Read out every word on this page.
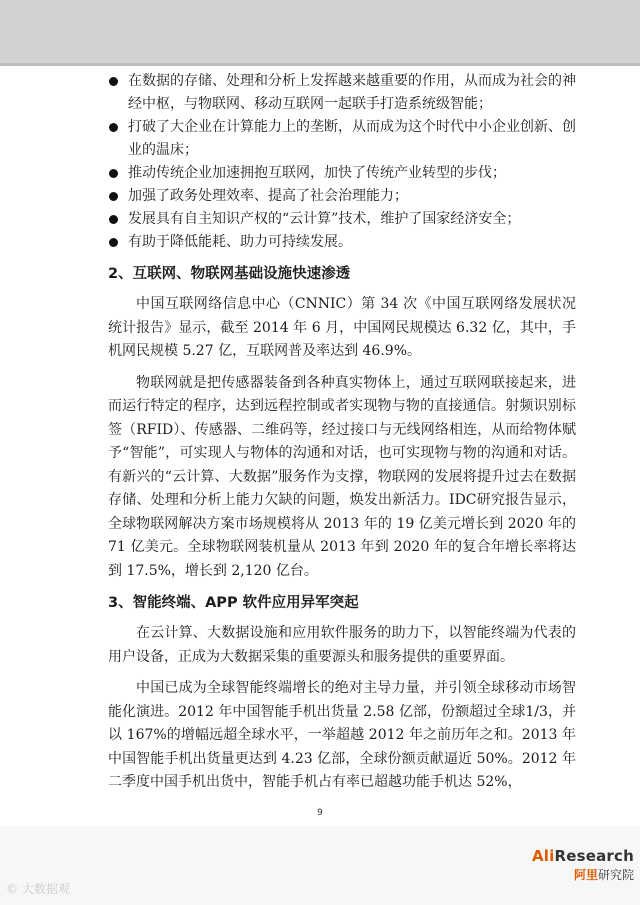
在数据的存储、处理和分析上发挥越来越重要的作用，从而成为社会的神经中枢，与物联网、移动互联网一起联手打造系统级智能；
打破了大企业在计算能力上的垄断，从而成为这个时代中小企业创新、创业的温床；
推动传统企业加速拥抱互联网，加快了传统产业转型的步伐；
加强了政务处理效率、提高了社会治理能力；
发展具有自主知识产权的“云计算”技术，维护了国家经济安全；
有助于降低能耗、助力可持续发展。
2、互联网、物联网基础设施快速渗透

中国互联网络信息中心（CNNIC）第 34 次《中国互联网络发展状况统计报告》显示，截至 2014 年 6 月，中国网民规模达 6.32 亿，其中，手机网民规模 5.27 亿，互联网普及率达到 46.9%。

物联网就是把传感器装备到各种真实物体上，通过互联网联接起来，进而运行特定的程序，达到远程控制或者实现物与物的直接通信。射频识别标签（RFID）、传感器、二维码等，经过接口与无线网络相连，从而给物体赋予“智能”，可实现人与物体的沟通和对话，也可实现物与物的沟通和对话。有新兴的“云计算、大数据”服务作为支撑，物联网的发展将提升过去在数据存储、处理和分析上能力欠缺的问题，焕发出新活力。IDC研究报告显示，全球物联网解决方案市场规模将从 2013 年的 19 亿美元增长到 2020 年的 71 亿美元。全球物联网装机量从 2013 年到 2020 年的复合年增长率将达到 17.5%，增长到 2,120 亿台。

3、智能终端、APP 软件应用异军突起

在云计算、大数据设施和应用软件服务的助力下，以智能终端为代表的用户设备，正成为大数据采集的重要源头和服务提供的重要界面。

中国已成为全球智能终端增长的绝对主导力量，并引领全球移动市场智能化演进。2012 年中国智能手机出货量 2.58 亿部，份额超过全球1/3，并以 167%的增幅远超全球水平，一举超越 2012 年之前历年之和。2013 年中国智能手机出货量更达到 4.23 亿部，全球份额贡献逼近 50%。2012 年二季度中国手机出货中，智能手机占有率已超越功能手机达 52%，

9
AliResearch
阿里研究院
© 大数据观
